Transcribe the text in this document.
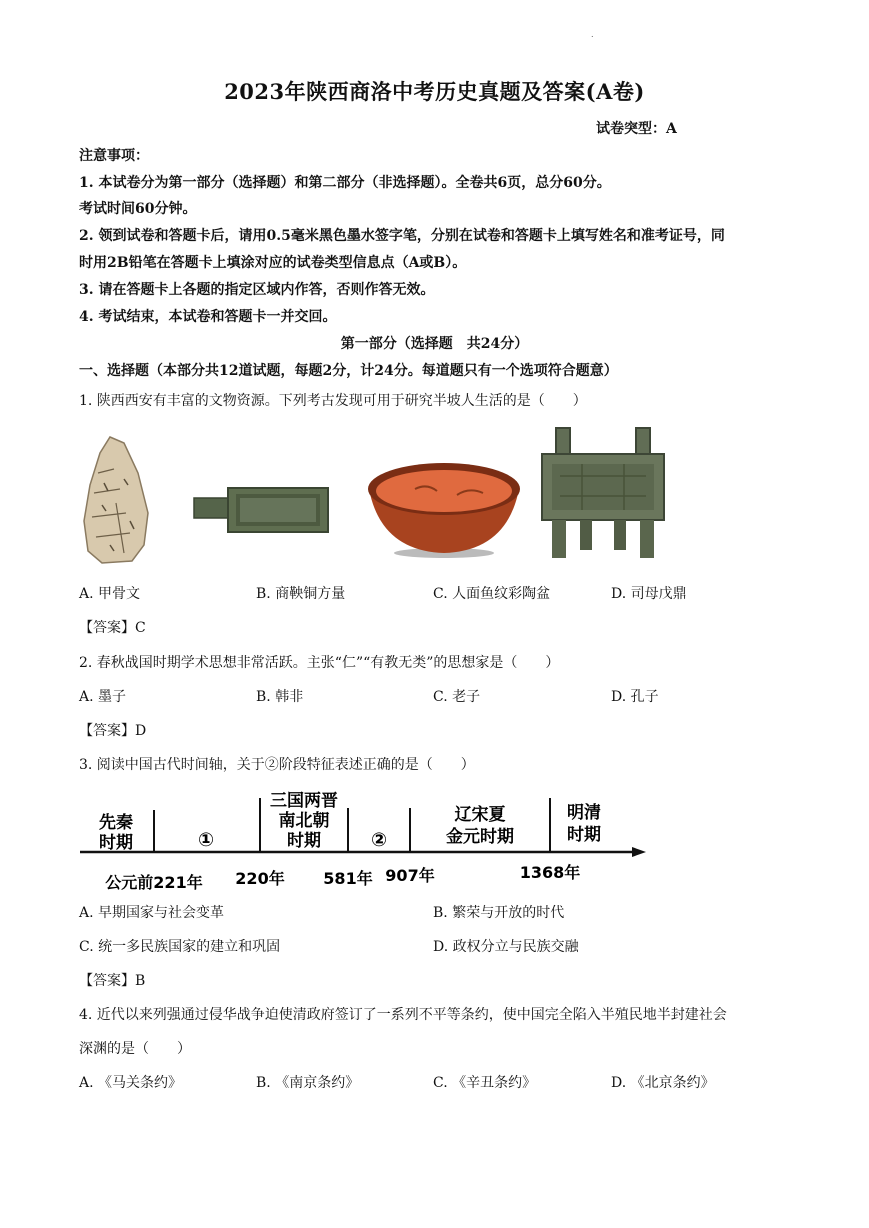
.
2023年陕西商洛中考历史真题及答案(A卷)
试卷突型：A
注意事项：
1. 本试卷分为第一部分（选择题）和第二部分（非选择题）。全卷共6页，总分60分。
考试时间60分钟。
2. 领到试卷和答题卡后，请用0.5毫米黑色墨水签字笔，分别在试卷和答题卡上填写姓名和准考证号，同
时用2B铅笔在答题卡上填涂对应的试卷类型信息点（A或B）。
3. 请在答题卡上各题的指定区域内作答，否则作答无效。
4. 考试结束，本试卷和答题卡一并交回。
第一部分（选择题　共24分）
一、选择题（本部分共12道试题，每题2分，计24分。每道题只有一个选项符合题意）
1. 陕西西安有丰富的文物资源。下列考古发现可用于研究半坡人生活的是（　　）
A. 甲骨文	B. 商鞅铜方量	C. 人面鱼纹彩陶盆	D. 司母戊鼎
【答案】C
2. 春秋战国时期学术思想非常活跃。主张“仁”“有教无类”的思想家是（　　）
A. 墨子	B. 韩非	C. 老子	D. 孔子
【答案】D
3. 阅读中国古代时间轴，关于②阶段特征表述正确的是（　　）
先秦
时期	①
三国两晋
南北朝
时期	②
辽宋夏
金元时期
明清
时期
公元前221年 220年 581年 907年	1368年
A. 早期国家与社会变革	B. 繁荣与开放的时代
C. 统一多民族国家的建立和巩固	D. 政权分立与民族交融
【答案】B
4. 近代以来列强通过侵华战争迫使清政府签订了一系列不平等条约，使中国完全陷入半殖民地半封建社会
深渊的是（　　）
A. 《马关条约》	B. 《南京条约》	C. 《辛丑条约》	D. 《北京条约》
